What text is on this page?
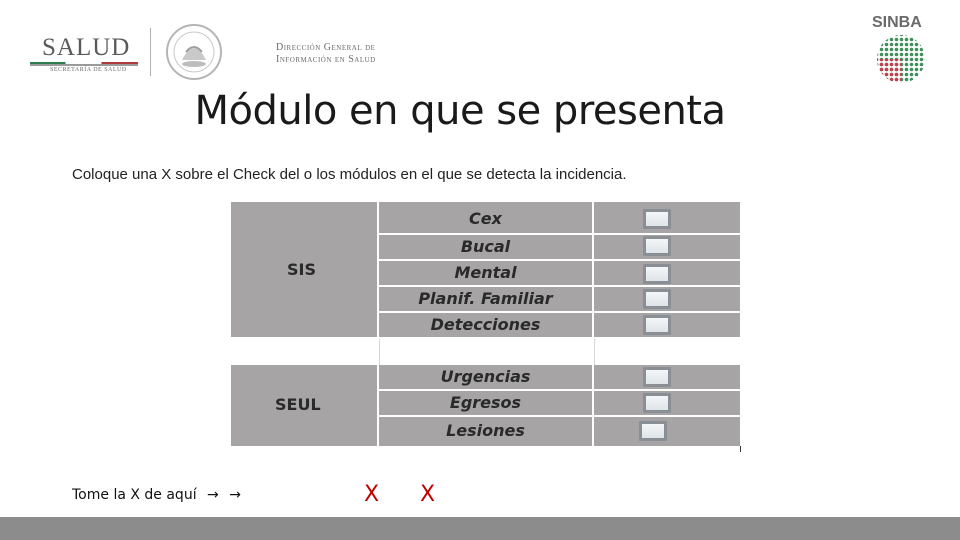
SALUD
SECRETARÍA DE SALUD
Dirección General de
Información en Salud
SINBA
Módulo en que se presenta
Coloque una X sobre el Check del o los módulos en el que se detecta la incidencia.
SIS
SEUL
Cex
Bucal
Mental
Planif. Familiar
Detecciones
Urgencias
Egresos
Lesiones
Tome la X de aquí → →	X X
